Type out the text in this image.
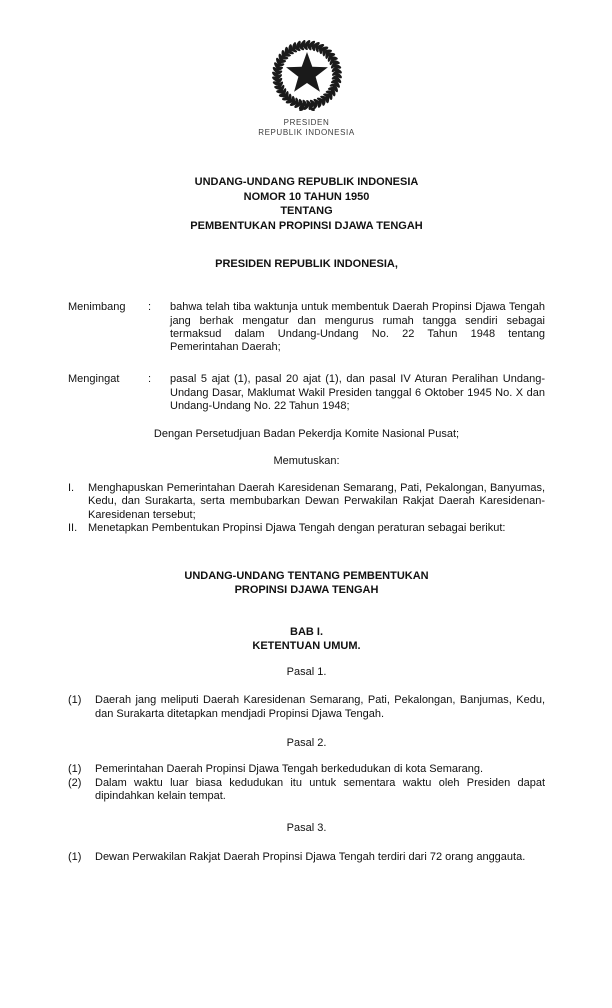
PRESIDEN
REPUBLIK INDONESIA

UNDANG-UNDANG REPUBLIK INDONESIA

NOMOR 10 TAHUN 1950

TENTANG

PEMBENTUKAN PROPINSI DJAWA TENGAH

PRESIDEN REPUBLIK INDONESIA,

Menimbang	:	bahwa telah tiba waktunja untuk membentuk Daerah Propinsi Djawa Tengah jang berhak mengatur dan mengurus rumah tangga sendiri sebagai termaksud dalam Undang-Undang No. 22 Tahun 1948 tentang Pemerintahan Daerah;

Mengingat	:	pasal 5 ajat (1), pasal 20 ajat (1), dan pasal IV Aturan Peralihan Undang-Undang Dasar, Maklumat Wakil Presiden tanggal 6 Oktober 1945 No. X dan Undang-Undang No. 22 Tahun 1948;

Dengan Persetudjuan Badan Pekerdja Komite Nasional Pusat;

Memutuskan:

I.	Menghapuskan Pemerintahan Daerah Karesidenan Semarang, Pati, Pekalongan, Banyumas, Kedu, dan Surakarta, serta membubarkan Dewan Perwakilan Rakjat Daerah Karesidenan-Karesidenan tersebut;

II. Menetapkan Pembentukan Propinsi Djawa Tengah dengan peraturan sebagai berikut:

UNDANG-UNDANG TENTANG PEMBENTUKAN

PROPINSI DJAWA TENGAH

BAB I.

KETENTUAN UMUM.

Pasal 1.

(1)	Daerah jang meliputi Daerah Karesidenan Semarang, Pati, Pekalongan, Banjumas, Kedu, dan Surakarta ditetapkan mendjadi Propinsi Djawa Tengah.

Pasal 2.

(1)	Pemerintahan Daerah Propinsi Djawa Tengah berkedudukan di kota Semarang.

(2)	Dalam waktu luar biasa kedudukan itu untuk sementara waktu oleh Presiden dapat dipindahkan kelain tempat.

Pasal 3.

(1)	Dewan Perwakilan Rakjat Daerah Propinsi Djawa Tengah terdiri dari 72 orang anggauta.
